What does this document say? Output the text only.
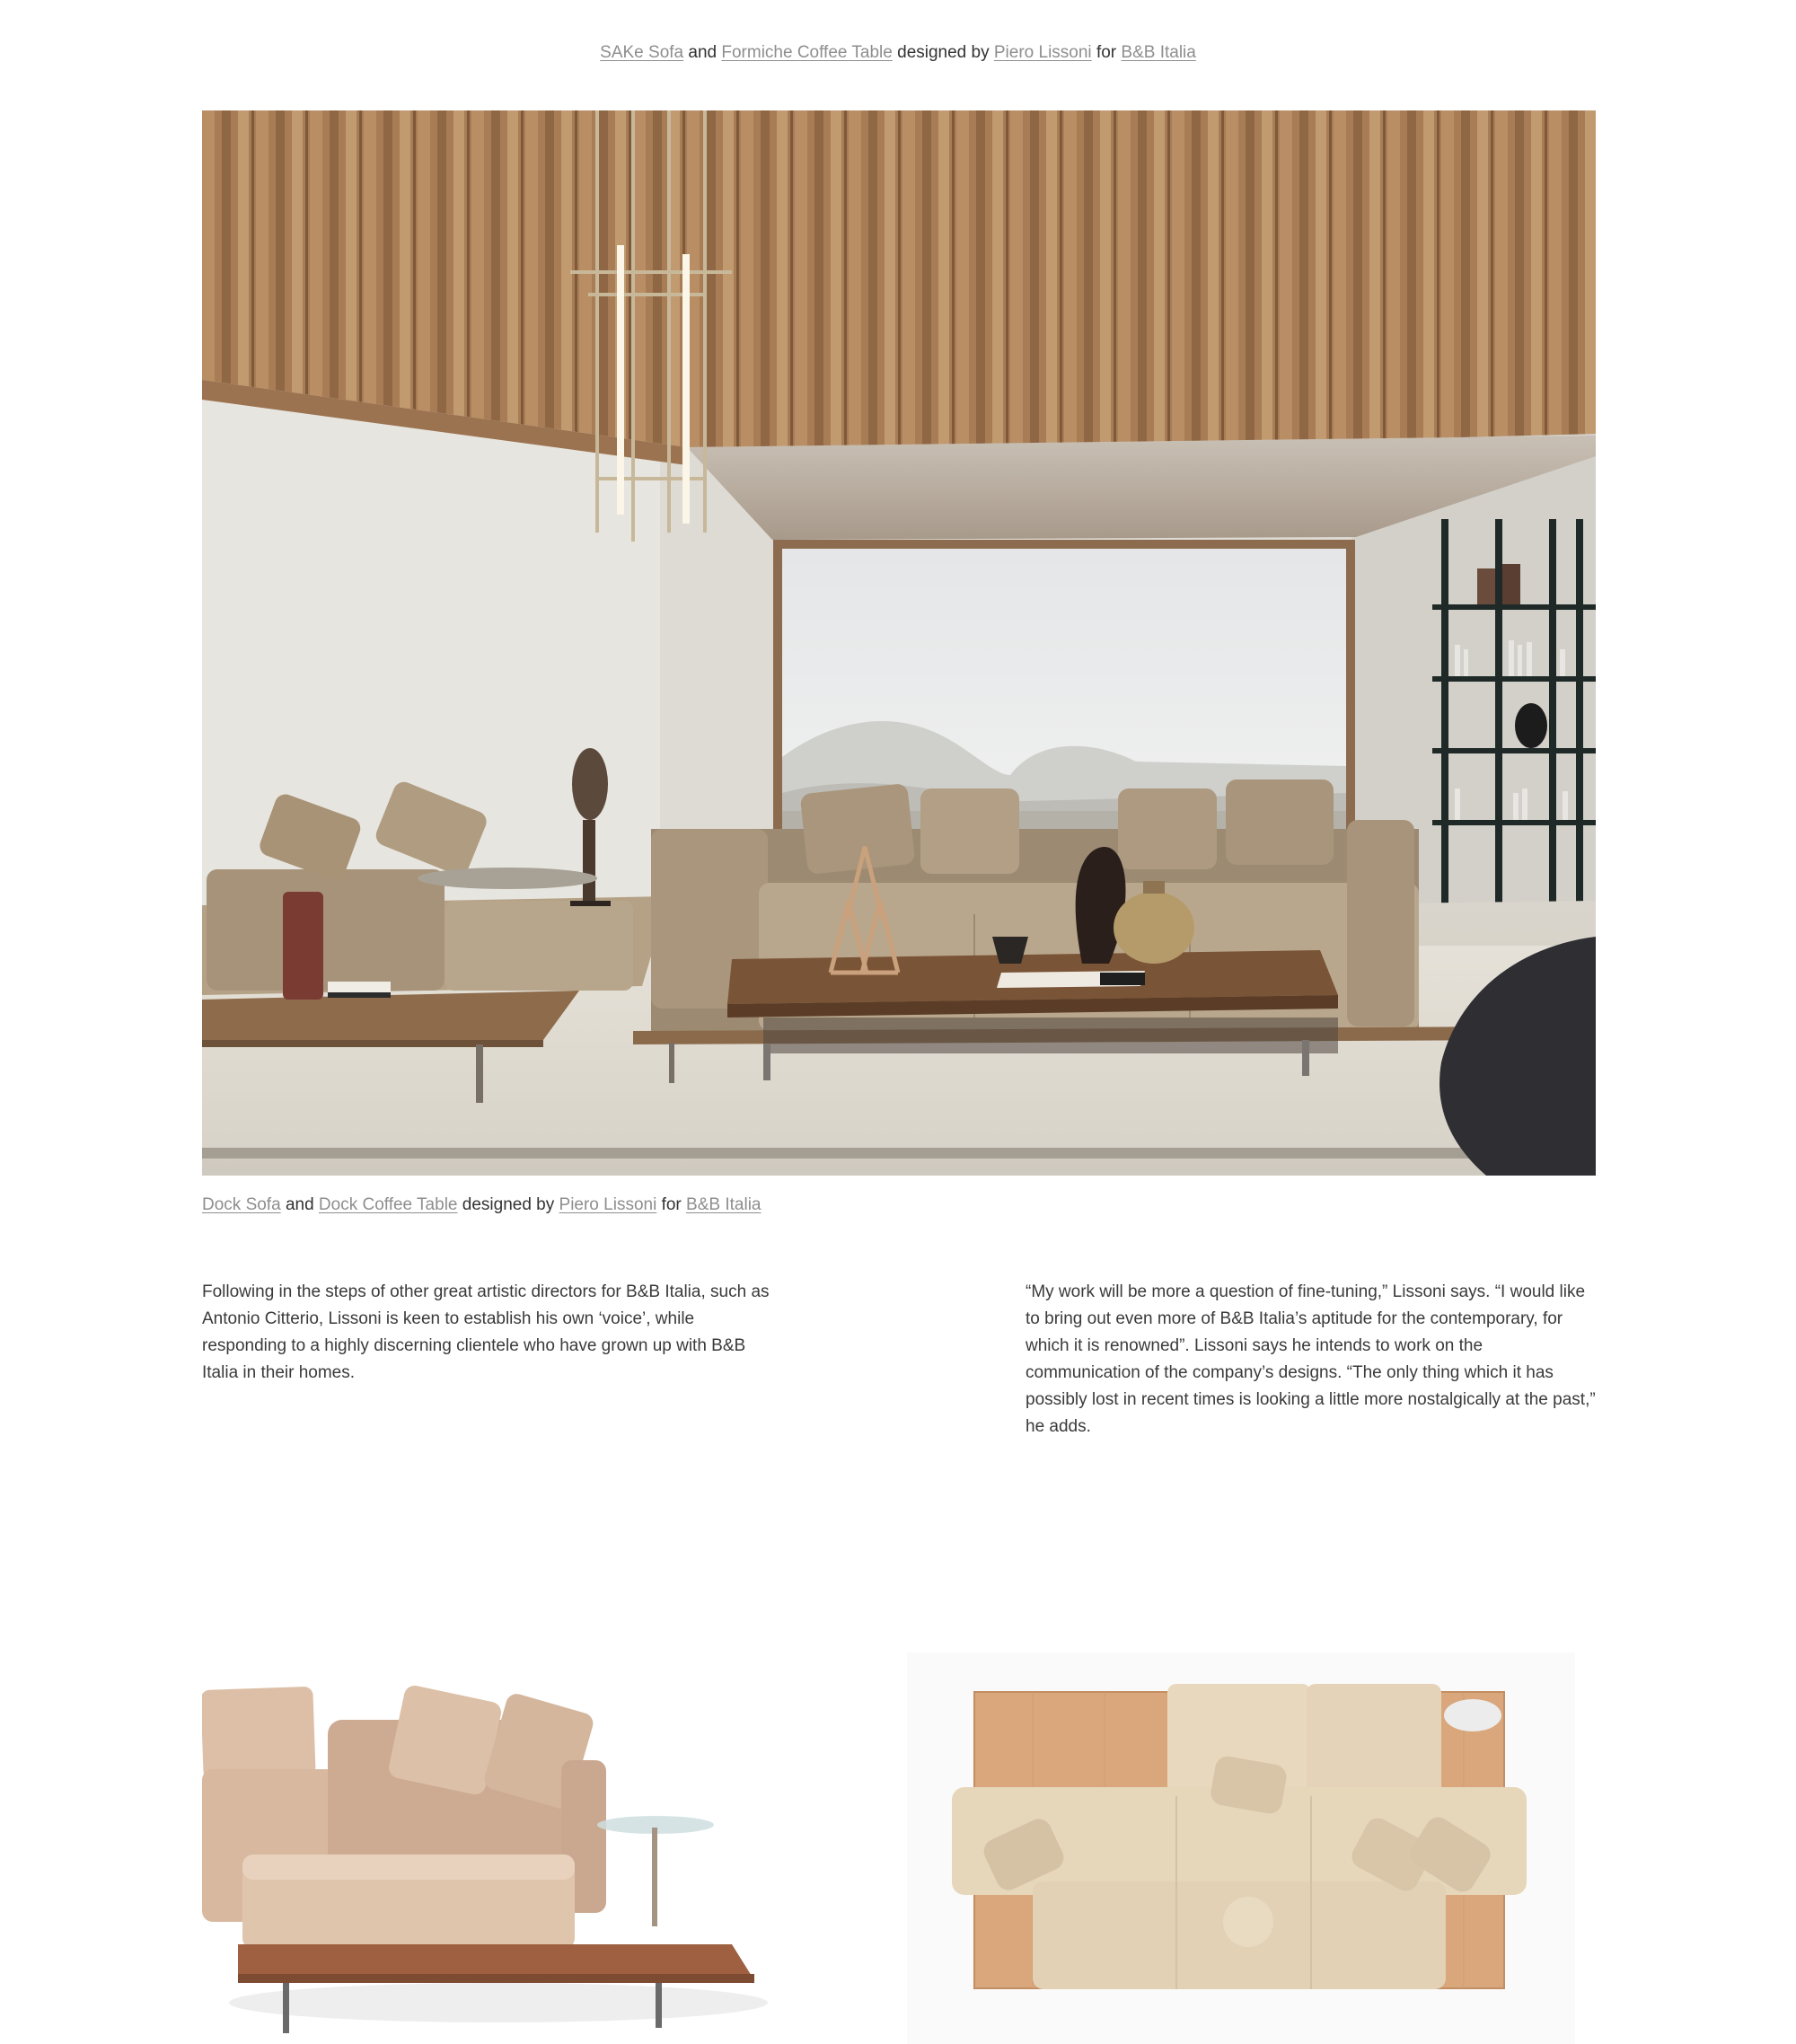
SAKe Sofa and Formiche Coffee Table designed by Piero Lissoni for B&B Italia
Dock Sofa and Dock Coffee Table designed by Piero Lissoni for B&B Italia

Following in the steps of other great artistic directors for B&B Italia, such as Antonio Citterio, Lissoni is keen to establish his own ‘voice’, while responding to a highly discerning clientele who have grown up with B&B Italia in their homes.

“My work will be more a question of fine-tuning,” Lissoni says. “I would like to bring out even more of B&B Italia’s aptitude for the contemporary, for which it is renowned”. Lissoni says he intends to work on the communication of the company’s designs. “The only thing which it has possibly lost in recent times is looking a little more nostalgically at the past,” he adds.
